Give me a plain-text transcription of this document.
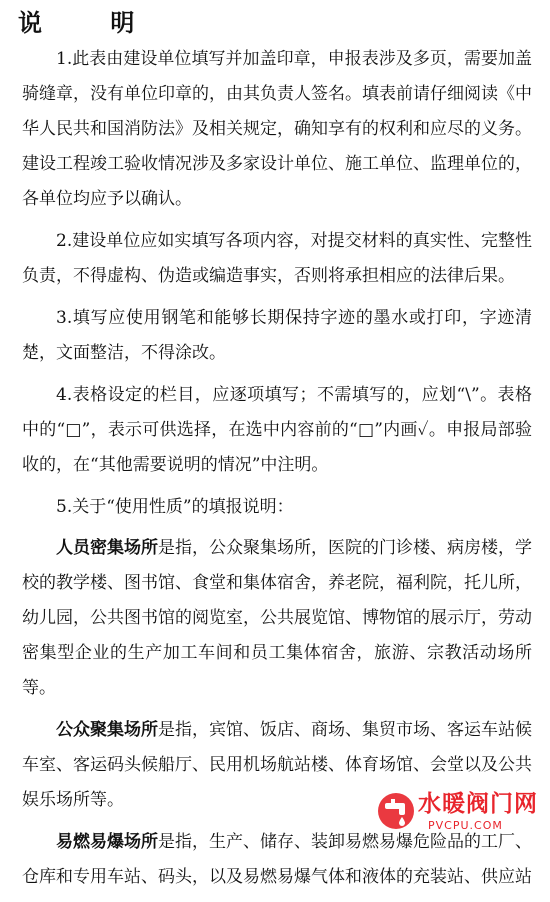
说 明

1.此表由建设单位填写并加盖印章，申报表涉及多页，需要加盖骑缝章，没有单位印章的，由其负责人签名。填表前请仔细阅读《中华人民共和国消防法》及相关规定，确知享有的权利和应尽的义务。建设工程竣工验收情况涉及多家设计单位、施工单位、监理单位的，各单位均应予以确认。

2.建设单位应如实填写各项内容，对提交材料的真实性、完整性负责，不得虚构、伪造或编造事实，否则将承担相应的法律后果。

3.填写应使用钢笔和能够长期保持字迹的墨水或打印，字迹清楚，文面整洁，不得涂改。

4.表格设定的栏目，应逐项填写；不需填写的，应划“\”。表格中的“□”，表示可供选择，在选中内容前的“□”内画✓。申报局部验收的，在“其他需要说明的情况”中注明。

5.关于“使用性质”的填报说明：

人员密集场所是指，公众聚集场所，医院的门诊楼、病房楼，学校的教学楼、图书馆、食堂和集体宿舍，养老院，福利院，托儿所，幼儿园，公共图书馆的阅览室，公共展览馆、博物馆的展示厅，劳动密集型企业的生产加工车间和员工集体宿舍，旅游、宗教活动场所等。

公众聚集场所是指，宾馆、饭店、商场、集贸市场、客运车站候车室、客运码头候船厅、民用机场航站楼、体育场馆、会堂以及公共娱乐场所等。

易燃易爆场所是指，生产、储存、装卸易燃易爆危险品的工厂、仓库和专用车站、码头，以及易燃易爆气体和液体的充装站、供应站

水暖阀门网
PVCPU.COM
